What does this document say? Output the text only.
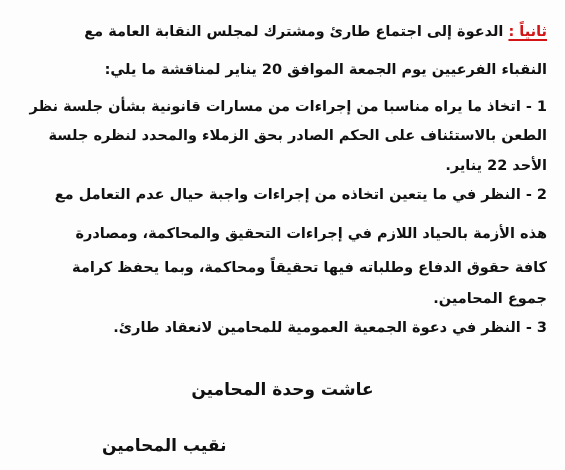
ثانياً : الدعوة إلى اجتماع طارئ ومشترك لمجلس النقابة العامة مع
النقباء الفرعيين يوم الجمعة الموافق 20 يناير لمناقشة ما يلي:
1 - اتخاذ ما يراه مناسبا من إجراءات من مسارات قانونية بشأن جلسة نظر
الطعن بالاستئناف على الحكم الصادر بحق الزملاء والمحدد لنظره جلسة
الأحد 22 يناير.
2 - النظر في ما يتعين اتخاذه من إجراءات واجبة حيال عدم التعامل مع
هذه الأزمة بالحياد اللازم في إجراءات التحقيق والمحاكمة، ومصادرة
كافة حقوق الدفاع وطلباته فيها تحقيقاً ومحاكمة، وبما يحفظ كرامة
جموع المحامين.
3 - النظر في دعوة الجمعية العمومية للمحامين لانعقاد طارئ.
عاشت وحدة المحامين
نقيب المحامين
